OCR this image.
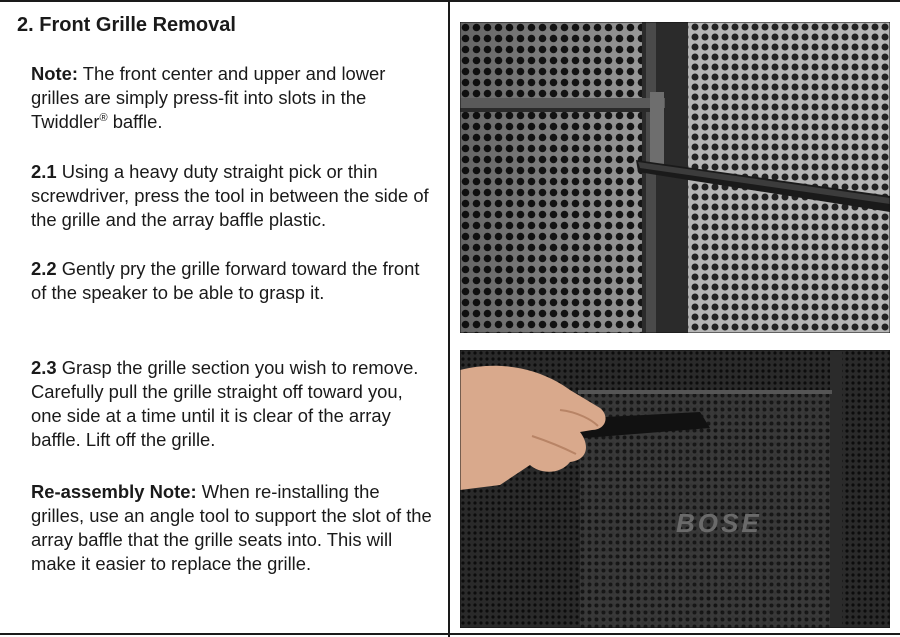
2. Front Grille Removal

Note: The front center and upper and lower grilles are simply press-fit into slots in the Twiddler® baffle.

2.1 Using a heavy duty straight pick or thin screwdriver, press the tool in between the side of the grille and the array baffle plastic.

2.2 Gently pry the grille forward toward the front of the speaker to be able to grasp it.

2.3 Grasp the grille section you wish to remove. Carefully pull the grille straight off toward you, one side at a time until it is clear of the array baffle. Lift off the grille.

Re-assembly Note: When re-installing the grilles, use an angle tool to support the slot of the array baffle that the grille seats into. This will make it easier to replace the grille.

BOSE
